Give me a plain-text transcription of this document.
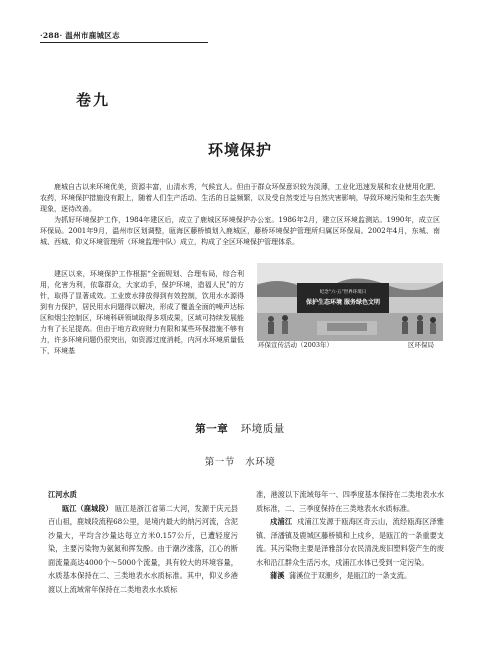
·288· 温州市鹿城区志
卷九
环境保护
鹿城自古以来环境优美，资源丰富，山清水秀，气候宜人。但由于群众环保意识较为淡薄，工业化迅速发展和农业使用化肥、农药，环境保护措施没有跟上，随着人们生产活动、生活的日益频繁，以及受自然变迁与自然灾害影响，导致环境污染和生态失衡现象，逐待改善。
为抓好环境保护工作，1984年建区后，成立了鹿城区环境保护办公室。1986年2月，建立区环境监测站。1990年，成立区环保局。2001年9月，温州市区划调整，瓯海区藤桥镇划入鹿城区，藤桥环境保护管理所归属区环保局。2002年4月，东城、南城、西城、仰义环境管理所（环境监理中队）成立，构成了全区环境保护管理体系。
建区以来，环境保护工作根据“全面规划、合理布局，综合利用，化害为利，依靠群众，大家动手，保护环境，造福人民”的方针，取得了显著成效。工业废水排放得到有效控制，饮用水水源得到有力保护，居民用水问题得以解决，形成了覆盖全面的噪声达标区和烟尘控制区，环境科研领域取得多项成果，区域可持续发展能力有了长足提高。但由于地方政府财力有限和某些环保措施不够有力，许多环境问题仍很突出，如资源过度消耗，内河水环境质量低下，环境基
纪念“六·五”世界环境日
保护生态环境 服务绿色文明
环保宣传活动（2003年）	区环保局
第一章 环境质量
第一节 水环境
江河水质
瓯江（鹿城段） 瓯江是浙江省第二大河，发源于庆元县百山祖，鹿城段流程68公里，是境内最大的纳污河流，含泥沙量大，平均含沙量达每立方米0.157公斤，已遭轻度污染，主要污染物为氨氮和挥发酚。由于潮汐涨落，江心的断面流量高达4000个～5000个流量，具有较大的环境容量，水质基本保持在二、三类地表水水质标准。其中，仰义乡港渡以上流域常年保持在二类地表水水质标
准，港渡以下流域每年一、四季度基本保持在二类地表水水质标准，二、三季度保持在三类地表水水质标准。
戍浦江 戍浦江发源于瓯海区奇云山，流经瓯海区泽雅镇、泽潘镇及鹿城区藤桥镇和上戍乡，是瓯江的一条重要支流。其污染物主要是泽雅部分农民清洗废旧塑料袋产生的废水和沿江群众生活污水，戍浦江水体已受到一定污染。
蒲溪 蒲溪位于双潮乡，是瓯江的一条支流。
